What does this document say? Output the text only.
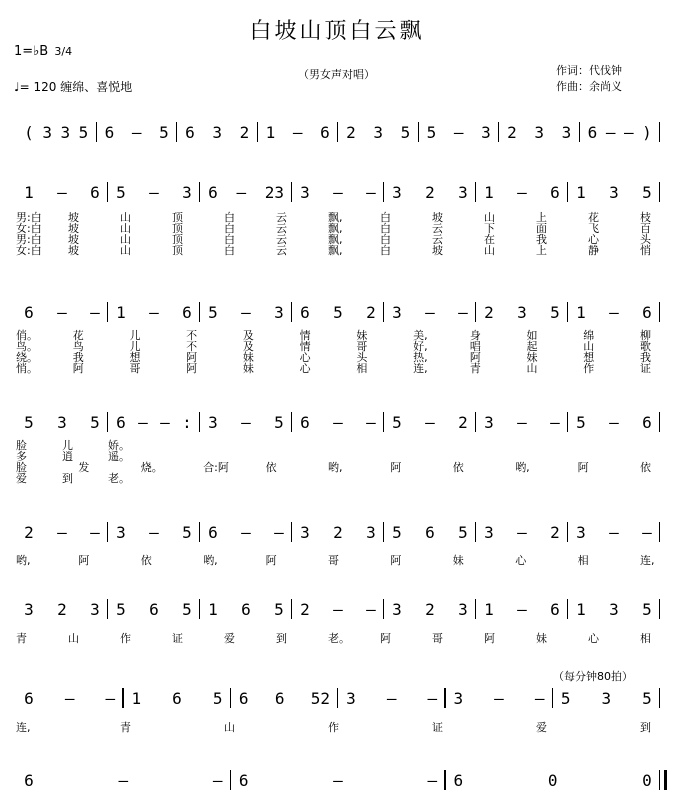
白坡山顶白云飘
1=♭B 3/4
♩= 120 缠绵、喜悦地
（男女声对唱）	作词：代伐钟
作曲：余尚义
（每分钟80拍）
( 3 3 5 6 – 5 6 3 2 1 – 6 2 3 5 5 – 3 2 3 3 6 – – )
1 – 6 5 – 3 6 – 23 3 – – 3 2 3 1 – 6 1 3 5
男:白 坡	山	顶	白	云	飘,	白	坡	山	上	花	枝
女:白 坡	山	顶	白	云	飘,	白	云	下	面	飞	百
男:白 坡	山	顶	白	云	飘,	白	云	在	我	心	头
女:白 坡	山	顶	白	云	飘,	白	坡	山	上	静	悄
6 – – 1 – 6 5 – 3 6 5 2 3 – – 2 3 5 1 – 6
俏。	花	儿	不	及	情	妹	美,	身	如	绵	柳
鸟。	鸟	儿	不	及	情	哥	好,	唱	起	山	歌
绕。	我	想	阿	妹	心	头	热,	阿	妹	想	我
悄。	阿	哥	阿	妹	心	相	连,	青	山	作	证
5 3 5 6 – – : 3 – 5 6 – – 5 – 2 3 – – 5 – 6
脸	儿	娇。
多	逍	遥。
脸	发	烧。	合:阿	依	哟,	阿	依	哟,	阿	依
爱	到	老。
2 – – 3 – 5 6 – – 3 2 3 5 6 5 3 – 2 3 – –
哟,	阿	依	哟,	阿	哥	阿	妹	心	相	连,
3 2 3 5 6 5 1 6 5 2 – – 3 2 3 1 – 6 1 3 5
青	山	作	证	爱	到	老。	阿	哥	阿	妹	心	相
6 – – 1 6 5 6 6 52 3 – – 3 – – 5 3 5
连,	青	山	作	证	爱	到
6	–	– 6	–	– 6	0	0
